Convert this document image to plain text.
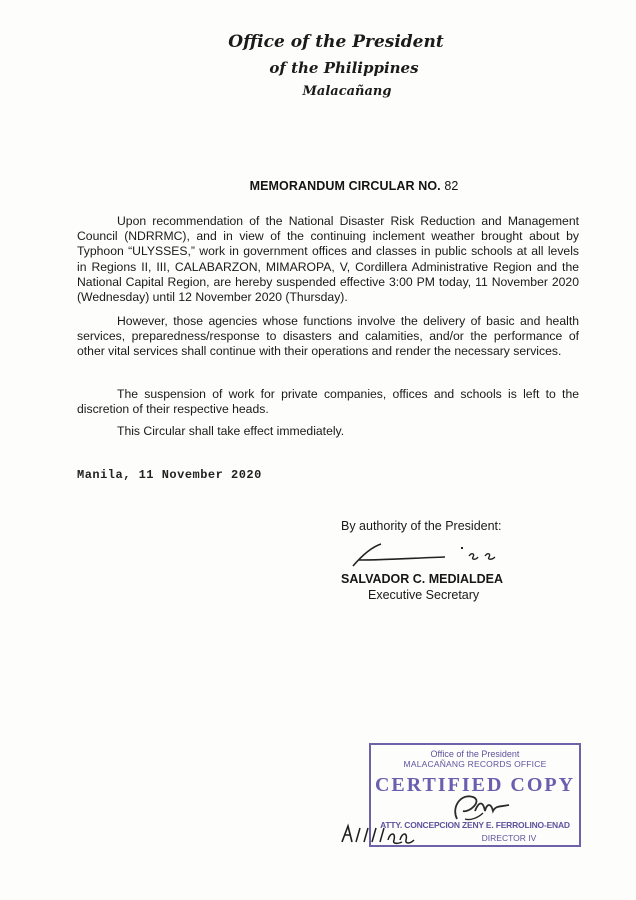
Office of the President
of the Philippines
Malacañang
MEMORANDUM CIRCULAR NO. 82

Upon recommendation of the National Disaster Risk Reduction and Management Council (NDRRMC), and in view of the continuing inclement weather brought about by Typhoon “ULYSSES,” work in government offices and classes in public schools at all levels in Regions II, III, CALABARZON, MIMAROPA, V, Cordillera Administrative Region and the National Capital Region, are hereby suspended effective 3:00 PM today, 11 November 2020 (Wednesday) until 12 November 2020 (Thursday).

However, those agencies whose functions involve the delivery of basic and health services, preparedness/response to disasters and calamities, and/or the performance of other vital services shall continue with their operations and render the necessary services.

The suspension of work for private companies, offices and schools is left to the discretion of their respective heads.

This Circular shall take effect immediately.

Manila, 11 November 2020
By authority of the President:
SALVADOR C. MEDIALDEA
Executive Secretary
Office of the President
MALACAÑANG RECORDS OFFICE
CERTIFIED COPY
ATTY. CONCEPCION ZENY E. FERROLINO-ENAD
DIRECTOR IV
